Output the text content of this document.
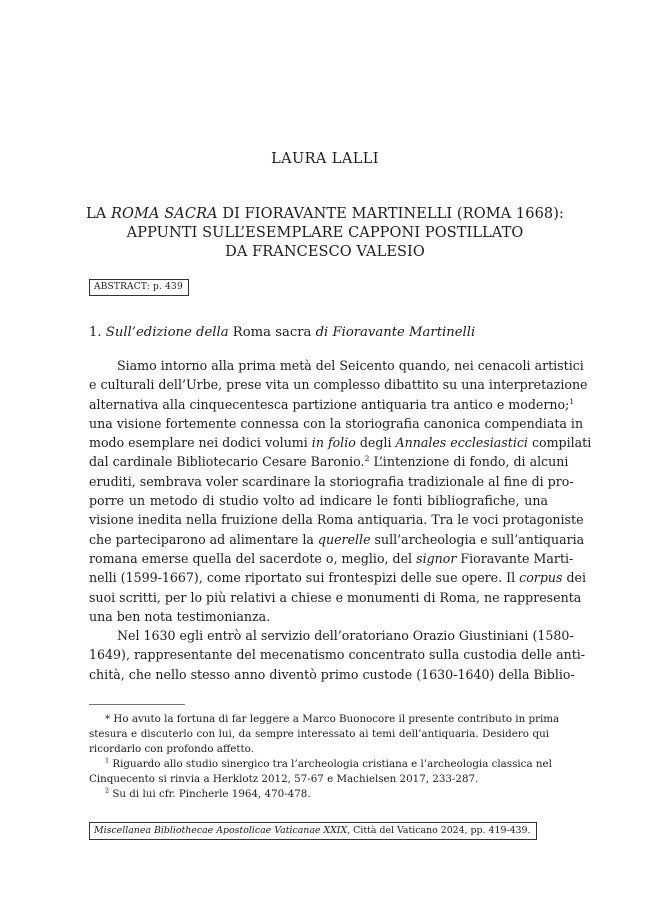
LAURA LALLI
LA ROMA SACRA DI FIORAVANTE MARTINELLI (ROMA 1668):
APPUNTI SULL’ESEMPLARE CAPPONI POSTILLATO
DA FRANCESCO VALESIO
ABSTRACT: p. 439
1. Sull’edizione della Roma sacra di Fioravante Martinelli
Siamo intorno alla prima metà del Seicento quando, nei cenacoli artistici
e culturali dell’Urbe, prese vita un complesso dibattito su una interpretazione
alternativa alla cinquecentesca partizione antiquaria tra antico e moderno;$^1$
una visione fortemente connessa con la storiografia canonica compendiata in
modo esemplare nei dodici volumi in folio degli Annales ecclesiastici compilati
dal cardinale Bibliotecario Cesare Baronio.$^2$ L’intenzione di fondo, di alcuni
eruditi, sembrava voler scardinare la storiografia tradizionale al fine di pro-
porre un metodo di studio volto ad indicare le fonti bibliografiche, una
visione inedita nella fruizione della Roma antiquaria. Tra le voci protagoniste
che parteciparono ad alimentare la querelle sull’archeologia e sull’antiquaria
romana emerse quella del sacerdote o, meglio, del signor Fioravante Marti-
nelli (1599-1667), come riportato sui frontespizi delle sue opere. Il corpus dei
suoi scritti, per lo più relativi a chiese e monumenti di Roma, ne rappresenta
una ben nota testimonianza.
Nel 1630 egli entrò al servizio dell’oratoriano Orazio Giustiniani (1580-
1649), rappresentante del mecenatismo concentrato sulla custodia delle anti-
chità, che nello stesso anno diventò primo custode (1630-1640) della Biblio-
* Ho avuto la fortuna di far leggere a Marco Buonocore il presente contributo in prima
stesura e discuterlo con lui, da sempre interessato ai temi dell’antiquaria. Desidero qui
ricordarlo con profondo affetto.
$^1$ Riguardo allo studio sinergico tra l’archeologia cristiana e l’archeologia classica nel
Cinquecento si rinvia a Herklotz 2012, 57-67 e Machielsen 2017, 233-287.
$^2$ Su di lui cfr. Pincherle 1964, 470-478.
Miscellanea Bibliothecae Apostolicae Vaticanae XXIX, Città del Vaticano 2024, pp. 419-439.
